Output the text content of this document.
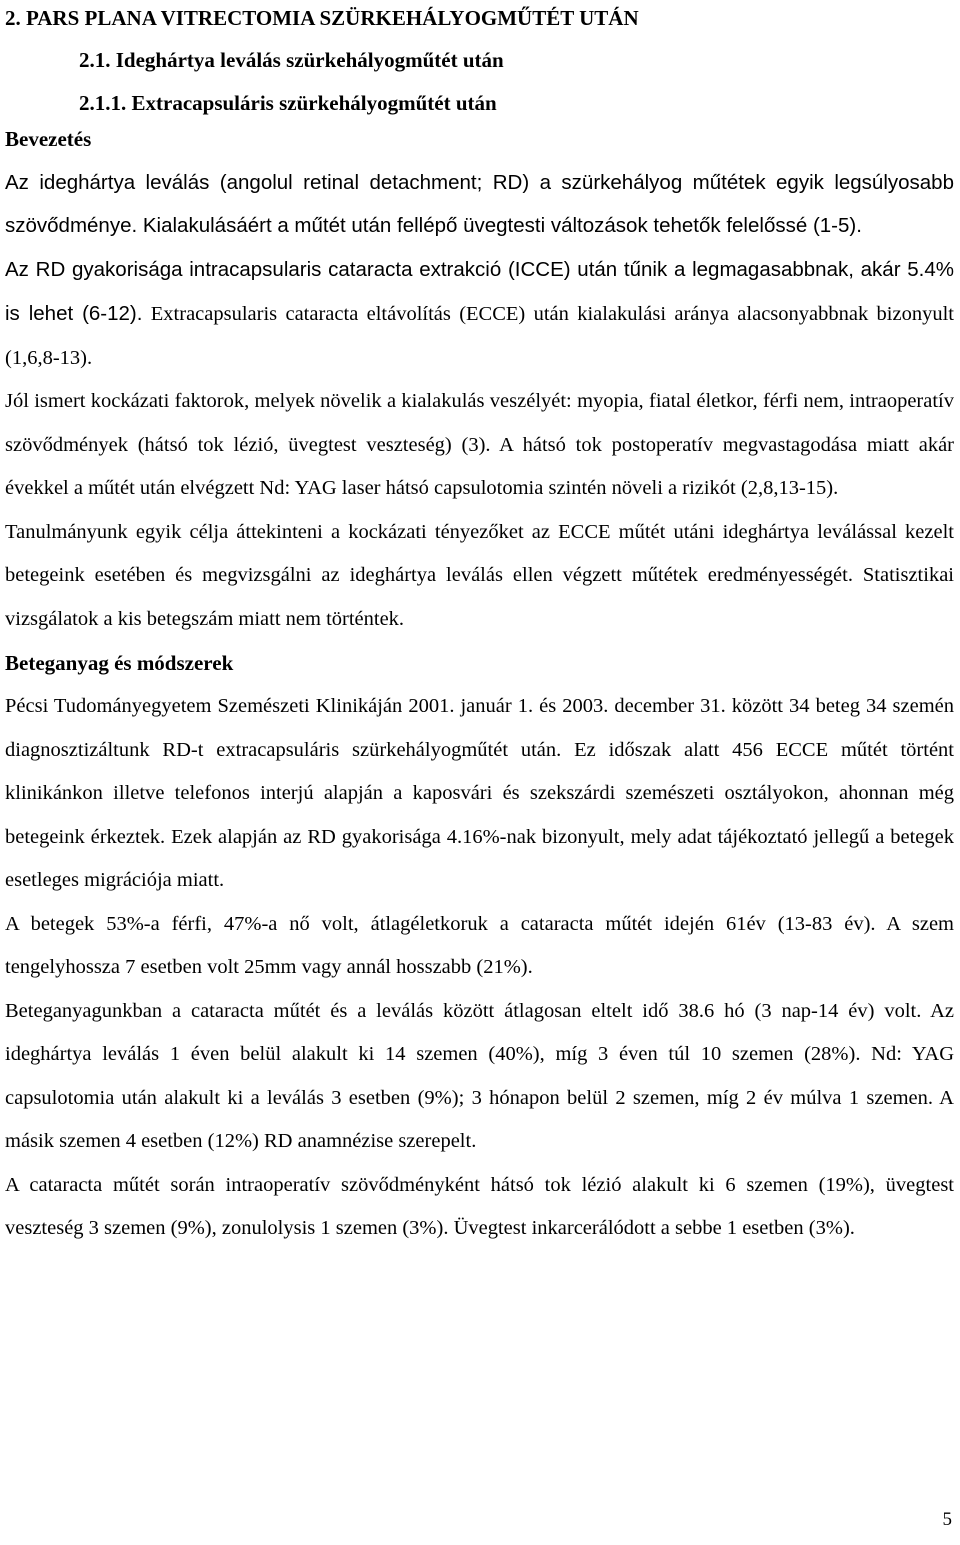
2. PARS PLANA VITRECTOMIA SZÜRKEHÁLYOGMŰTÉT UTÁN
2.1. Ideghártya leválás szürkehályogműtét után
2.1.1. Extracapsuláris szürkehályogműtét után
Bevezetés

Az ideghártya leválás (angolul retinal detachment; RD) a szürkehályog műtétek egyik legsúlyosabb szövődménye. Kialakulásáért a műtét után fellépő üvegtesti változások tehetők felelőssé (1-5).

Az RD gyakorisága intracapsularis cataracta extrakció (ICCE) után tűnik a legmagasabbnak, akár 5.4% is lehet (6-12). Extracapsularis cataracta eltávolítás (ECCE) után kialakulási aránya alacsonyabbnak bizonyult (1,6,8-13).

Jól ismert kockázati faktorok, melyek növelik a kialakulás veszélyét: myopia, fiatal életkor, férfi nem, intraoperatív szövődmények (hátsó tok lézió, üvegtest veszteség) (3). A hátsó tok postoperatív megvastagodása miatt akár évekkel a műtét után elvégzett Nd: YAG laser hátsó capsulotomia szintén növeli a rizikót (2,8,13-15).

Tanulmányunk egyik célja áttekinteni a kockázati tényezőket az ECCE műtét utáni ideghártya leválással kezelt betegeink esetében és megvizsgálni az ideghártya leválás ellen végzett műtétek eredményességét. Statisztikai vizsgálatok a kis betegszám miatt nem történtek.

Beteganyag és módszerek

Pécsi Tudományegyetem Szemészeti Klinikáján 2001. január 1. és 2003. december 31. között 34 beteg 34 szemén diagnosztizáltunk RD-t extracapsuláris szürkehályogműtét után. Ez időszak alatt 456 ECCE műtét történt klinikánkon illetve telefonos interjú alapján a kaposvári és szekszárdi szemészeti osztályokon, ahonnan még betegeink érkeztek. Ezek alapján az RD gyakorisága 4.16%-nak bizonyult, mely adat tájékoztató jellegű a betegek esetleges migrációja miatt.

A betegek 53%-a férfi, 47%-a nő volt, átlagéletkoruk a cataracta műtét idején 61év (13-83 év). A szem tengelyhossza 7 esetben volt 25mm vagy annál hosszabb (21%).

Beteganyagunkban a cataracta műtét és a leválás között átlagosan eltelt idő 38.6 hó (3 nap-14 év) volt. Az ideghártya leválás 1 éven belül alakult ki 14 szemen (40%), míg 3 éven túl 10 szemen (28%). Nd: YAG capsulotomia után alakult ki a leválás 3 esetben (9%); 3 hónapon belül 2 szemen, míg 2 év múlva 1 szemen. A másik szemen 4 esetben (12%) RD anamnézise szerepelt.

A cataracta műtét során intraoperatív szövődményként hátsó tok lézió alakult ki 6 szemen (19%), üvegtest veszteség 3 szemen (9%), zonulolysis 1 szemen (3%). Üvegtest inkarcerálódott a sebbe 1 esetben (3%).

5
